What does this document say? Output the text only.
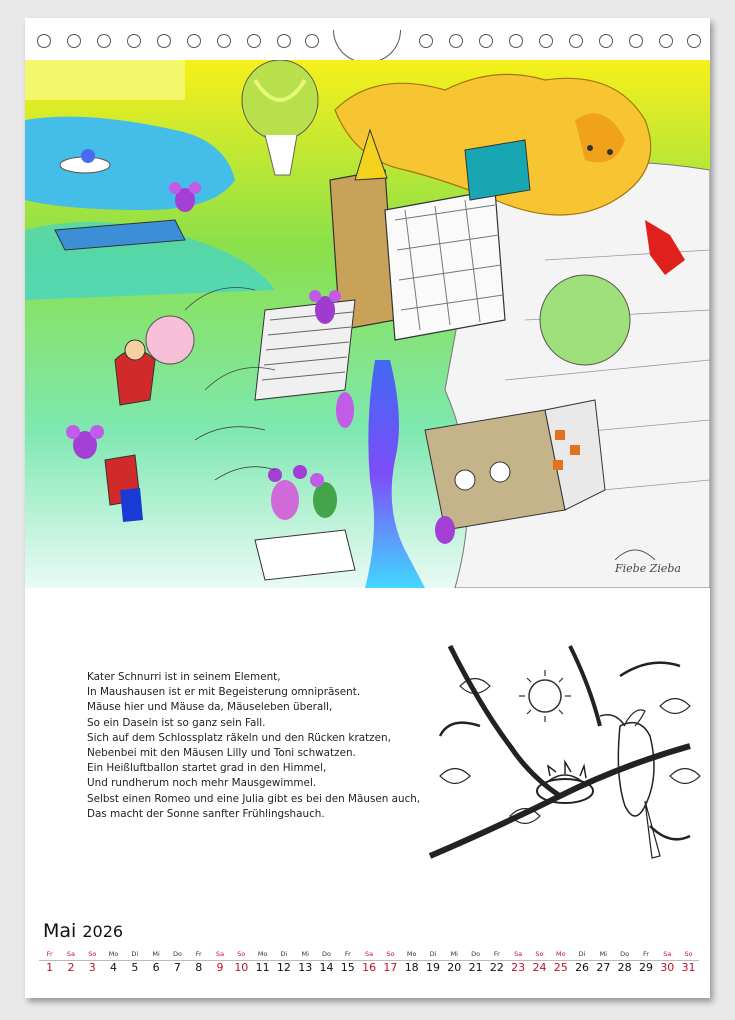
Fiebe Zieba
Kater Schnurri ist in seinem Element,
In Maushausen ist er mit Begeisterung omnipräsent.
Mäuse hier und Mäuse da, Mäuseleben überall,
So ein Dasein ist so ganz sein Fall.
Sich auf dem Schlossplatz räkeln und den Rücken kratzen,
Nebenbei mit den Mäusen Lilly und Toni schwatzen.
Ein Heißluftballon startet grad in den Himmel,
Und rundherum noch mehr Mausgewimmel.
Selbst einen Romeo und eine Julia gibt es bei den Mäusen auch,
Das macht der Sonne sanfter Frühlingshauch.
Mai 2026
Fr
1
Sa
2
So
3
Mo
4
Di
5
Mi
6
Do
7
Fr
8
Sa
9
So
10
Mo
11
Di
12
Mi
13
Do
14
Fr
15
Sa
16
So
17
Mo
18
Di
19
Mi
20
Do
21
Fr
22
Sa
23
So
24
Mo
25
Di
26
Mi
27
Do
28
Fr
29
Sa
30
So
31
